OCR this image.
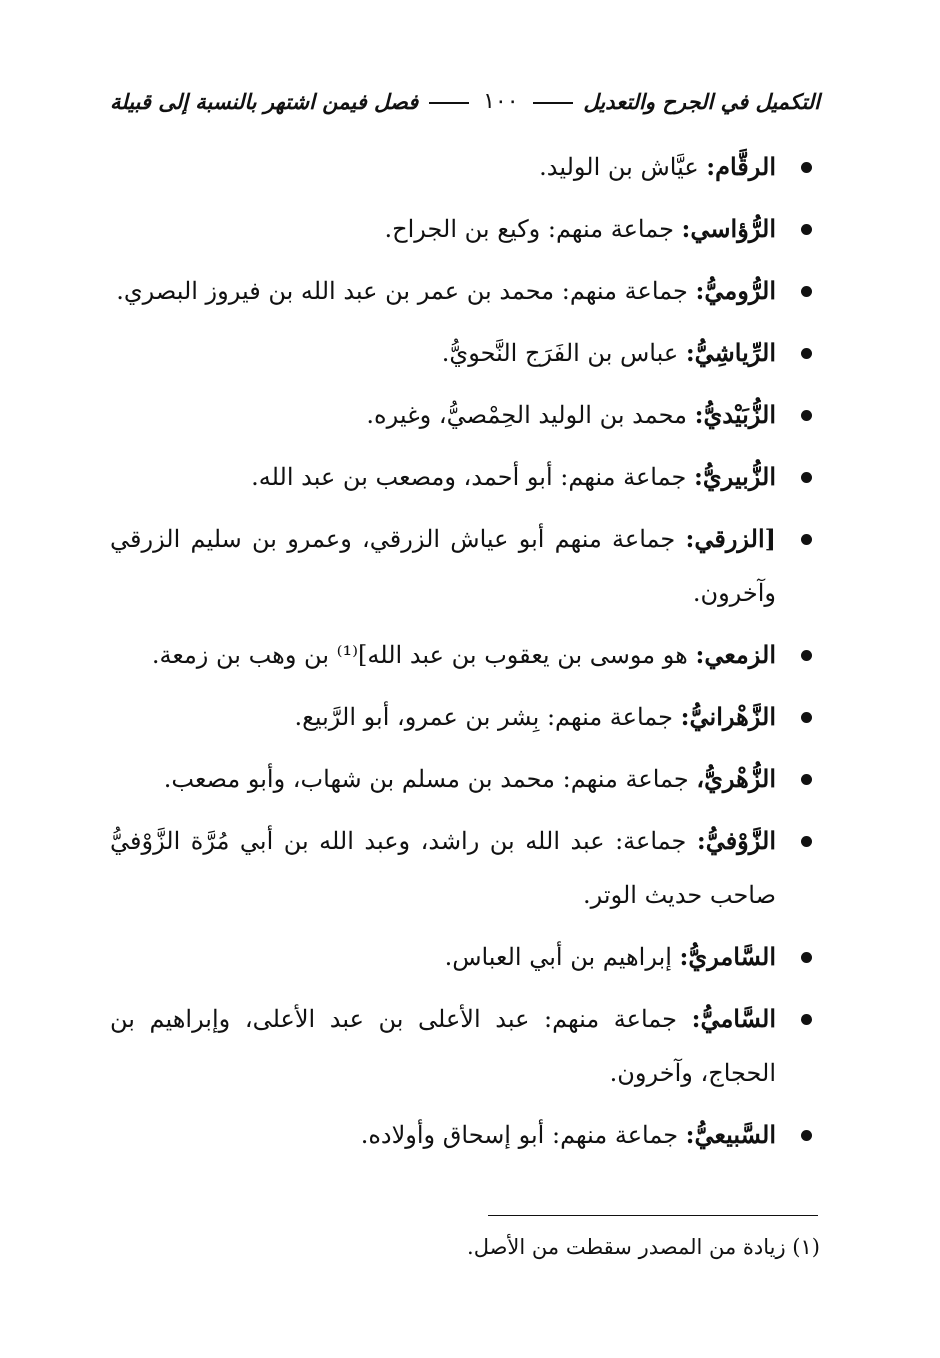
التكميل في الجرح والتعديل
١٠٠
فصل فيمن اشتهر بالنسبة إلى قبيلة
الرقَّام: عيَّاش بن الوليد.
الرُّؤاسي: جماعة منهم: وكيع بن الجراح.
الرُّوميُّ: جماعة منهم: محمد بن عمر بن عبد الله بن فيروز البصري.
الرِّياشِيُّ: عباس بن الفَرَج النَّحويُّ.
الزُّبَيْديُّ: محمد بن الوليد الحِمْصيُّ، وغيره.
الزُّبيريُّ: جماعة منهم: أبو أحمد، ومصعب بن عبد الله.
[الزرقي: جماعة منهم أبو عياش الزرقي، وعمرو بن سليم الزرقي وآخرون.
الزمعي: هو موسى بن يعقوب بن عبد الله]⁽¹⁾ بن وهب بن زمعة.
الزَّهْرانيُّ: جماعة منهم: بِشر بن عمرو، أبو الرَّبيع.
الزُّهْريُّ، جماعة منهم: محمد بن مسلم بن شهاب، وأبو مصعب.
الزَّوْفيُّ: جماعة: عبد الله بن راشد، وعبد الله بن أبي مُرَّة الزَّوْفيُّ صاحب حديث الوتر.
السَّامريُّ: إبراهيم بن أبي العباس.
السَّاميُّ: جماعة منهم: عبد الأعلى بن عبد الأعلى، وإبراهيم بن الحجاج، وآخرون.
السَّبيعيُّ: جماعة منهم: أبو إسحاق وأولاده.
(١) زيادة من المصدر سقطت من الأصل.
